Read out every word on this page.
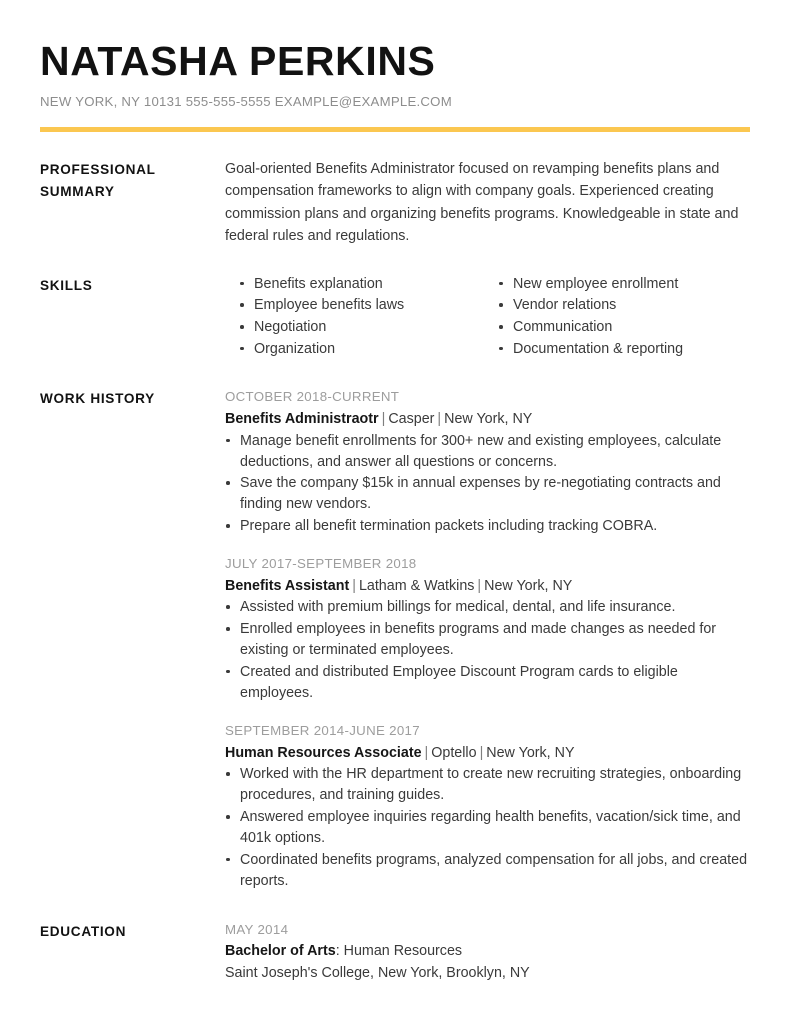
NATASHA PERKINS
NEW YORK, NY 10131 555-555-5555 EXAMPLE@EXAMPLE.COM
PROFESSIONAL SUMMARY
Goal-oriented Benefits Administrator focused on revamping benefits plans and compensation frameworks to align with company goals. Experienced creating commission plans and organizing benefits programs. Knowledgeable in state and federal rules and regulations.
SKILLS	Benefits explanation
Employee benefits laws
Negotiation
Organization
New employee enrollment
Vendor relations
Communication
Documentation & reporting
WORK HISTORY	OCTOBER 2018-CURRENT
Benefits Administraotr | Casper | New York, NY
Manage benefit enrollments for 300+ new and existing employees, calculate deductions, and answer all questions or concerns.
Save the company $15k in annual expenses by re-negotiating contracts and finding new vendors.
Prepare all benefit termination packets including tracking COBRA.
JULY 2017-SEPTEMBER 2018
Benefits Assistant | Latham & Watkins | New York, NY
Assisted with premium billings for medical, dental, and life insurance.
Enrolled employees in benefits programs and made changes as needed for existing or terminated employees.
Created and distributed Employee Discount Program cards to eligible employees.
SEPTEMBER 2014-JUNE 2017
Human Resources Associate | Optello | New York, NY
Worked with the HR department to create new recruiting strategies, onboarding procedures, and training guides.
Answered employee inquiries regarding health benefits, vacation/sick time, and 401k options.
Coordinated benefits programs, analyzed compensation for all jobs, and created reports.
EDUCATION	MAY 2014
Bachelor of Arts: Human Resources
Saint Joseph's College, New York, Brooklyn, NY
